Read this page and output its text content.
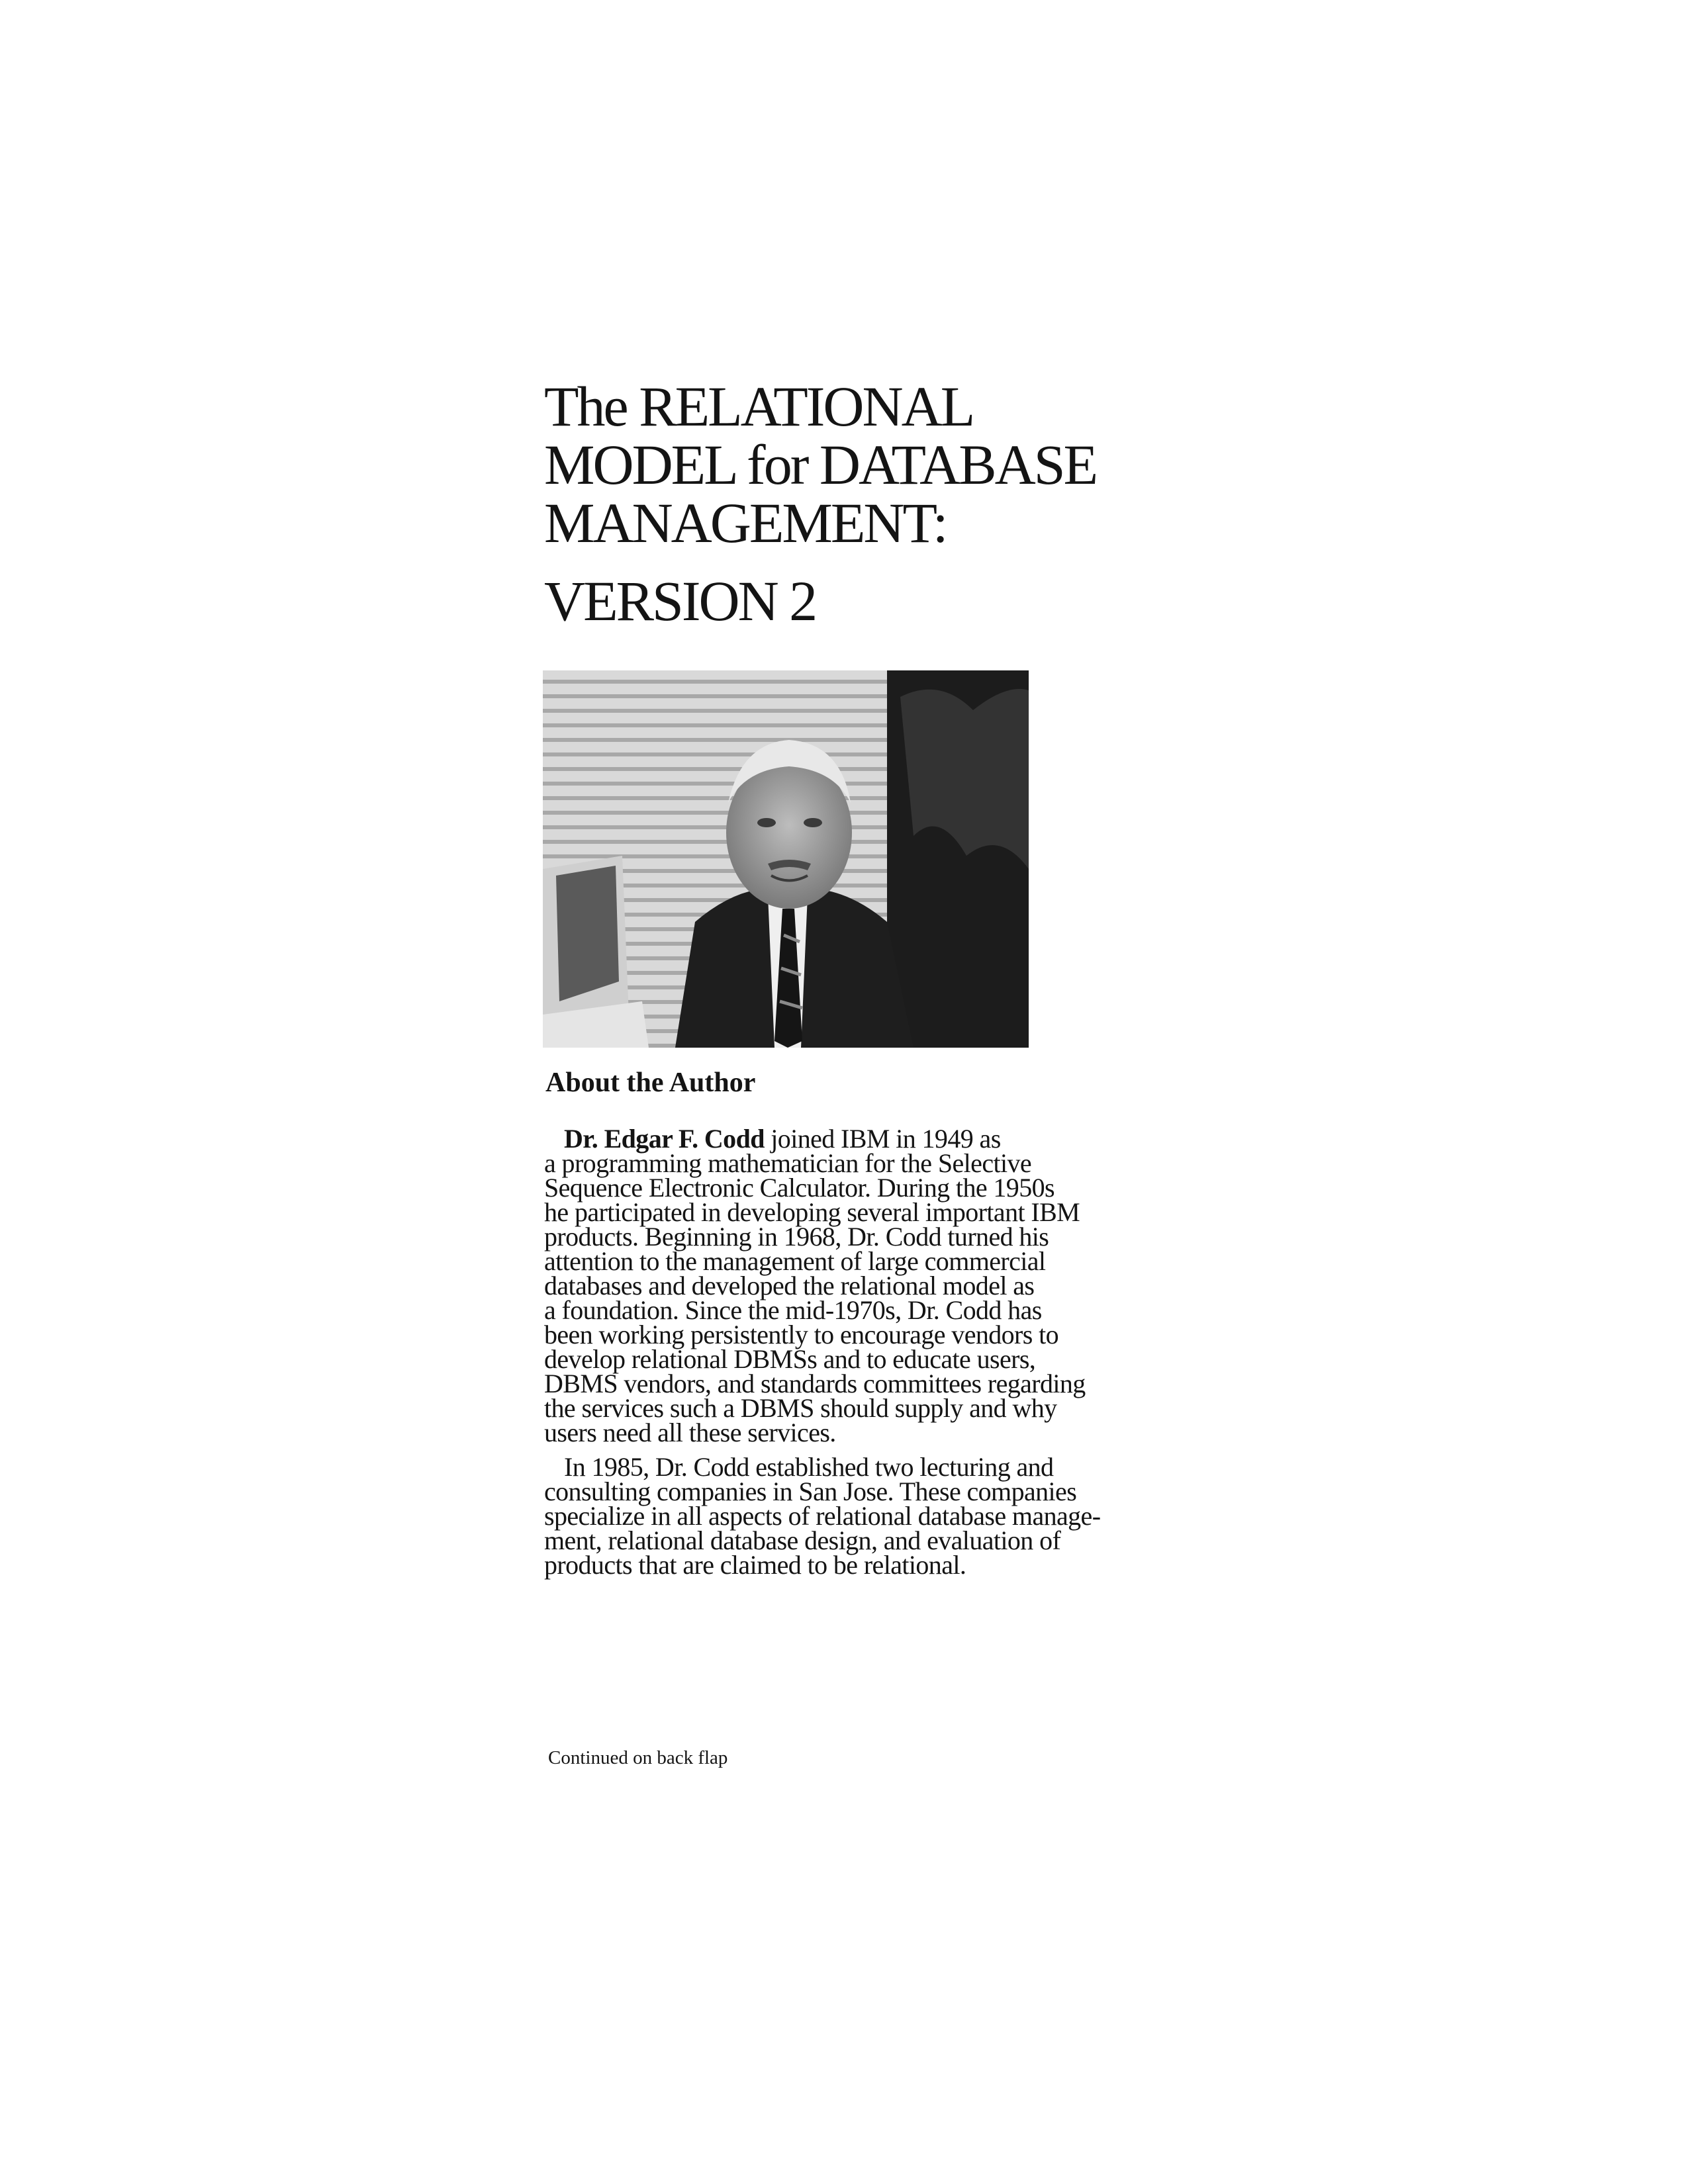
The RELATIONAL
MODEL for DATABASE
MANAGEMENT:
VERSION 2
About the Author

Dr. Edgar F. Codd joined IBM in 1949 as
a programming mathematician for the Selective
Sequence Electronic Calculator. During the 1950s
he participated in developing several important IBM
products. Beginning in 1968, Dr. Codd turned his
attention to the management of large commercial
databases and developed the relational model as
a foundation. Since the mid-1970s, Dr. Codd has
been working persistently to encourage vendors to
develop relational DBMSs and to educate users,
DBMS vendors, and standards committees regarding
the services such a DBMS should supply and why
users need all these services.

In 1985, Dr. Codd established two lecturing and
consulting companies in San Jose. These companies
specialize in all aspects of relational database manage-
ment, relational database design, and evaluation of
products that are claimed to be relational.

Continued on back flap
